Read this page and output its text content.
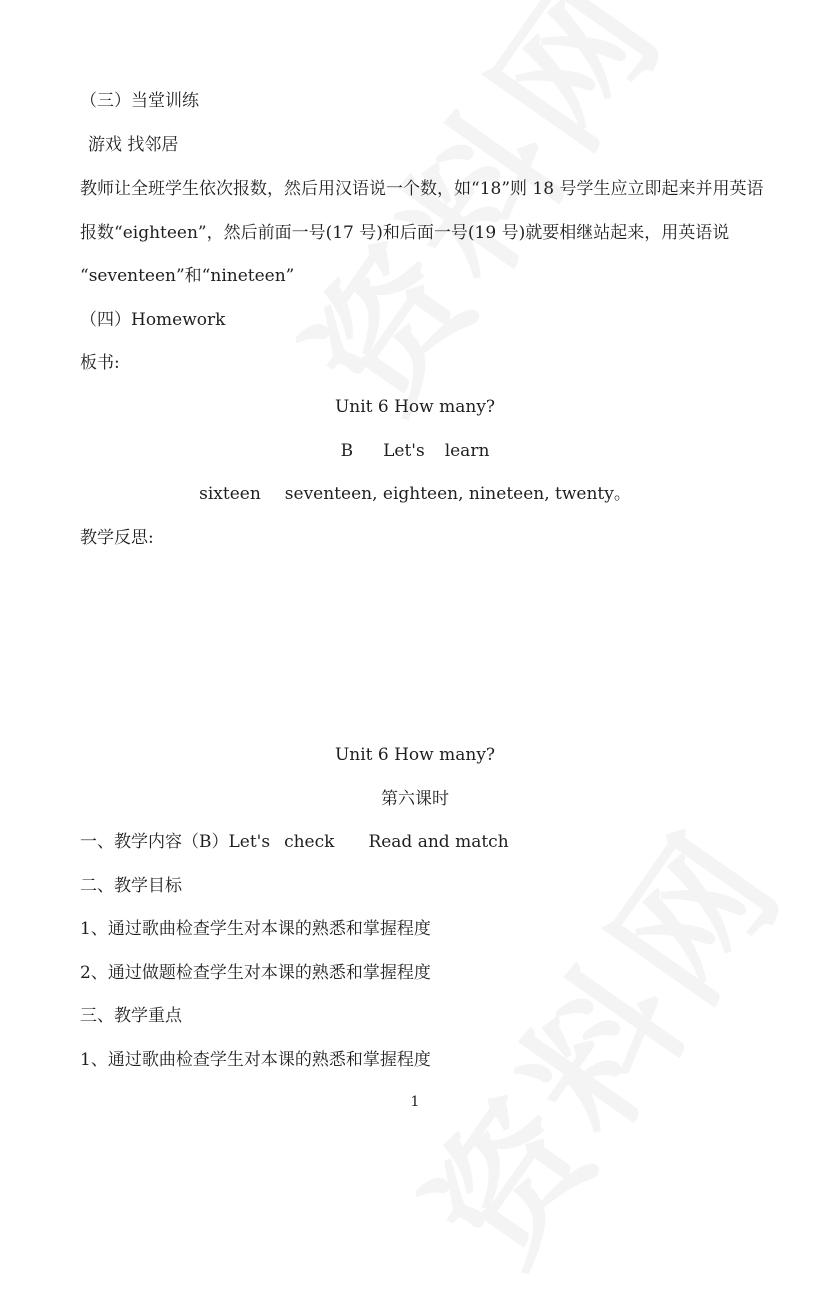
（三）当堂训练
游戏 找邻居
教师让全班学生依次报数，然后用汉语说一个数，如“18”则 18 号学生应立即起来并用英语
报数“eighteen”，然后前面一号(17 号)和后面一号(19 号)就要相继站起来，用英语说
“seventeen”和“nineteen”
（四）Homework
板书:
Unit 6 How many?
B Let's learn
sixteen seventeen, eighteen, nineteen, twenty。
教学反思:
Unit 6 How many?
第六课时
一、教学内容（B）Let's check Read and match
二、教学目标
1、通过歌曲检查学生对本课的熟悉和掌握程度
2、通过做题检查学生对本课的熟悉和掌握程度
三、教学重点
1、通过歌曲检查学生对本课的熟悉和掌握程度
1
